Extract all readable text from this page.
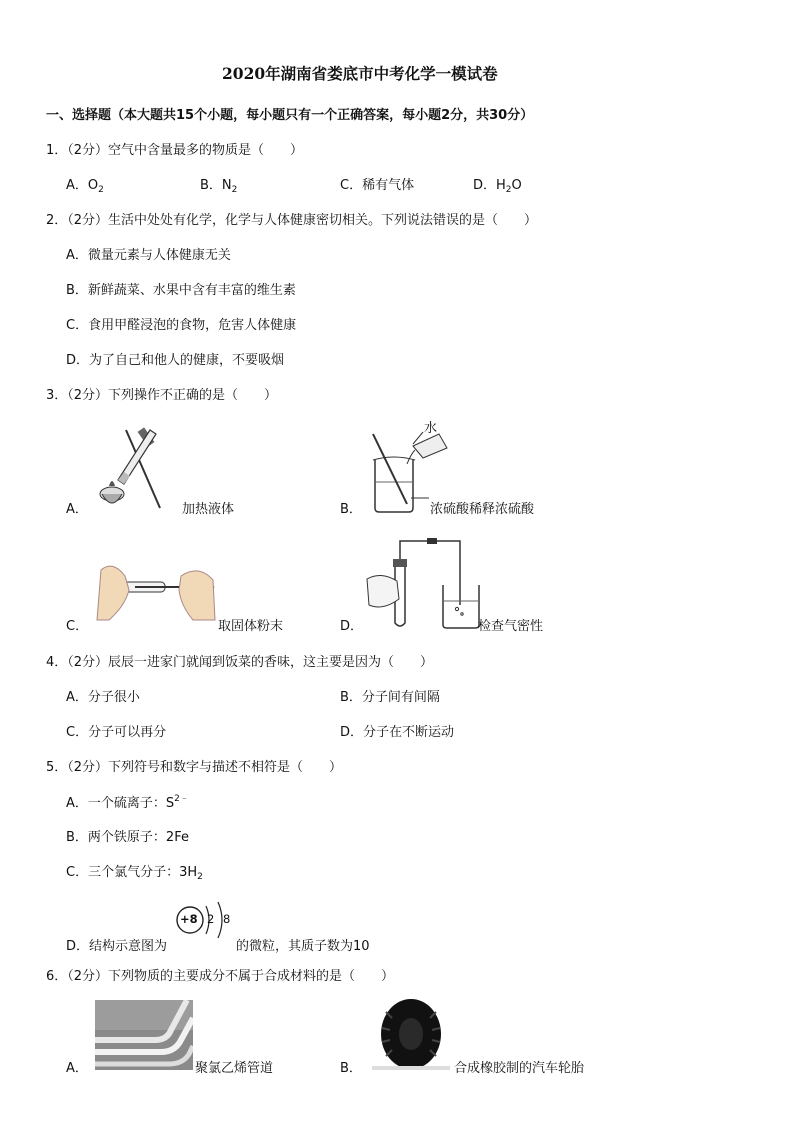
2020年湖南省娄底市中考化学一模试卷
一、选择题（本大题共15个小题，每小题只有一个正确答案，每小题2分，共30分）
1．（2分）空气中含量最多的物质是（　　）
A．$O_2$	B．$N_2$	C．稀有气体	D．$H_2O$
2．（2分）生活中处处有化学，化学与人体健康密切相关。下列说法错误的是（　　）
A．微量元素与人体健康无关
B．新鲜蔬菜、水果中含有丰富的维生素
C．食用甲醛浸泡的食物，危害人体健康
D．为了自己和他人的健康，不要吸烟
3．（2分）下列操作不正确的是（　　）
A．	加热液体	B．
水
浓硫酸稀释浓硫酸
C．	取固体粉末	D．	检查气密性
4．（2分）辰辰一进家门就闻到饭菜的香味，这主要是因为（　　）
A．分子很小	B．分子间有间隔
C．分子可以再分	D．分子在不断运动
5．（2分）下列符号和数字与描述不相符是（　　）
A．一个硫离子：$S^{2﹣}$
B．两个铁原子：2Fe
C．三个氯气分子：$3H_2$
D．结构示意图为
+8 2 8
的微粒，其质子数为10
6．（2分）下列物质的主要成分不属于合成材料的是（　　）
A．	聚氯乙烯管道	B．	合成橡胶制的汽车轮胎
